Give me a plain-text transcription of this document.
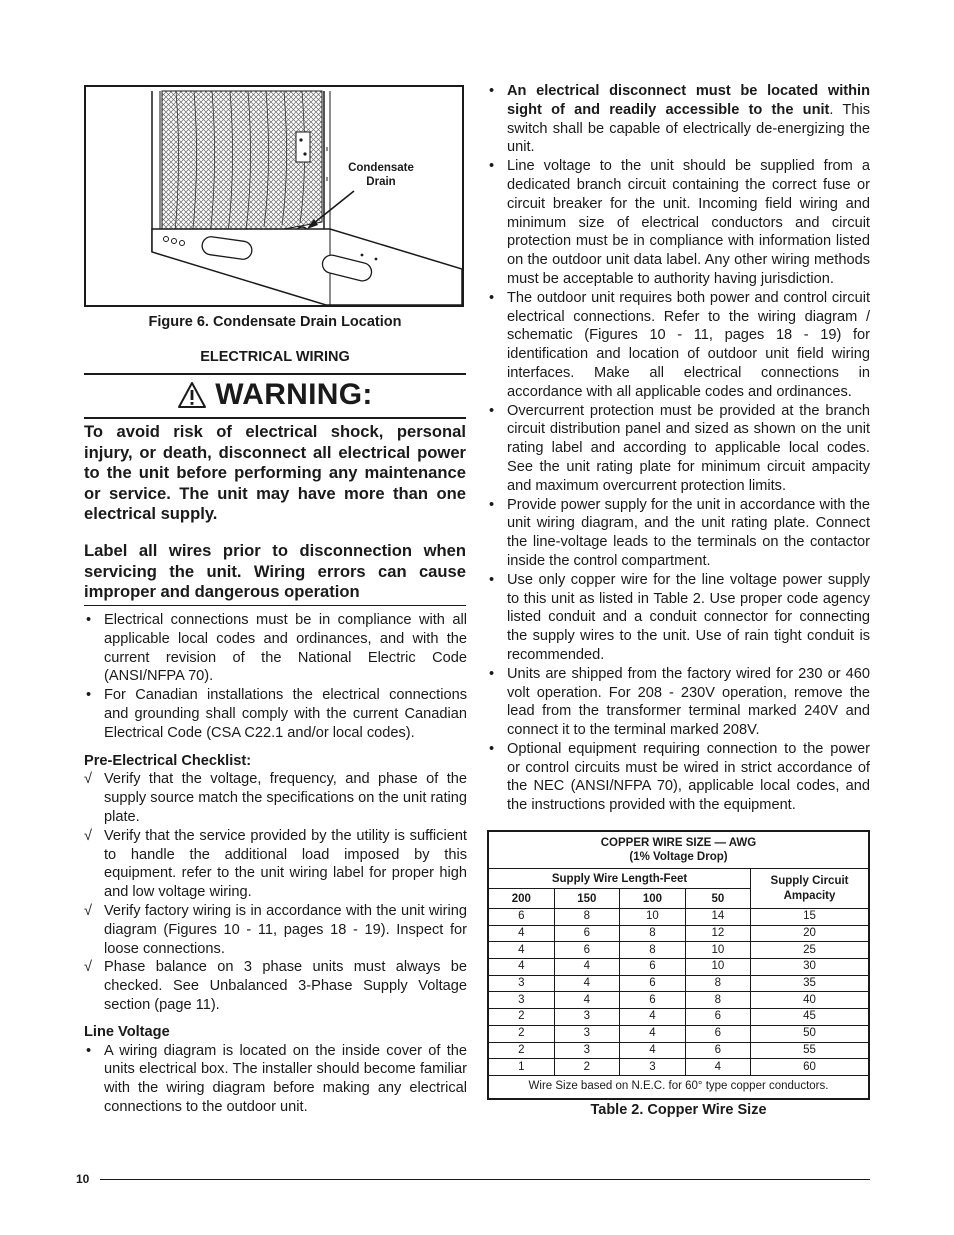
Condensate
Drain
Figure 6. Condensate Drain Location
ELECTRICAL WIRING
WARNING:
To avoid risk of electrical shock, personal injury, or death, disconnect all electrical power to the unit before performing any maintenance or service. The unit may have more than one electrical supply.
Label all wires prior to disconnection when servicing the unit. Wiring errors can cause improper and dangerous operation
• Electrical connections must be in compliance with all applicable local codes and ordinances, and with the current revision of the National Electric Code (ANSI/NFPA 70).
• For Canadian installations the electrical connections and grounding shall comply with the current Canadian Electrical Code (CSA C22.1 and/or local codes).
Pre-Electrical Checklist:
√ Verify that the voltage, frequency, and phase of the supply source match the specifications on the unit rating plate.
√ Verify that the service provided by the utility is sufficient to handle the additional load imposed by this equipment. refer to the unit wiring label for proper high and low voltage wiring.
√ Verify factory wiring is in accordance with the unit wiring diagram (Figures 10 - 11, pages 18 - 19). Inspect for loose connections.
√ Phase balance on 3 phase units must always be checked. See Unbalanced 3-Phase Supply Voltage section (page 11).
Line Voltage
• A wiring diagram is located on the inside cover of the units electrical box. The installer should become familiar with the wiring diagram before making any electrical connections to the outdoor unit.
• An electrical disconnect must be located within sight of and readily accessible to the unit. This switch shall be capable of electrically de-energizing the unit.
• Line voltage to the unit should be supplied from a dedicated branch circuit containing the correct fuse or circuit breaker for the unit. Incoming field wiring and minimum size of electrical conductors and circuit protection must be in compliance with information listed on the outdoor unit data label. Any other wiring methods must be acceptable to authority having jurisdiction.
• The outdoor unit requires both power and control circuit electrical connections. Refer to the wiring diagram / schematic (Figures 10 - 11, pages 18 - 19) for identification and location of outdoor unit field wiring interfaces. Make all electrical connections in accordance with all applicable codes and ordinances.
• Overcurrent protection must be provided at the branch circuit distribution panel and sized as shown on the unit rating label and according to applicable local codes. See the unit rating plate for minimum circuit ampacity and maximum overcurrent protection limits.
• Provide power supply for the unit in accordance with the unit wiring diagram, and the unit rating plate. Connect the line-voltage leads to the terminals on the contactor inside the control compartment.
• Use only copper wire for the line voltage power supply to this unit as listed in Table 2. Use proper code agency listed conduit and a conduit connector for connecting the supply wires to the unit. Use of rain tight conduit is recommended.
• Units are shipped from the factory wired for 230 or 460 volt operation. For 208 - 230V operation, remove the lead from the transformer terminal marked 240V and connect it to the terminal marked 208V.
• Optional equipment requiring connection to the power or control circuits must be wired in strict accordance of the NEC (ANSI/NFPA 70), applicable local codes, and the instructions provided with the equipment.
COPPER WIRE SIZE — AWG
(1% Voltage Drop)				

Supply Wire Length-Feet				Supply Circuit
Ampacity

200	150	100	50	
6	8	10	14	15
4	6	8	12	20
4	6	8	10	25
4	4	6	10	30
3	4	6	8	35
3	4	6	8	40
2	3	4	6	45
2	3	4	6	50
2	3	4	6	55
1	2	3	4	60
Wire Size based on N.E.C. for 60° type copper conductors.				
Table 2. Copper Wire Size
10
